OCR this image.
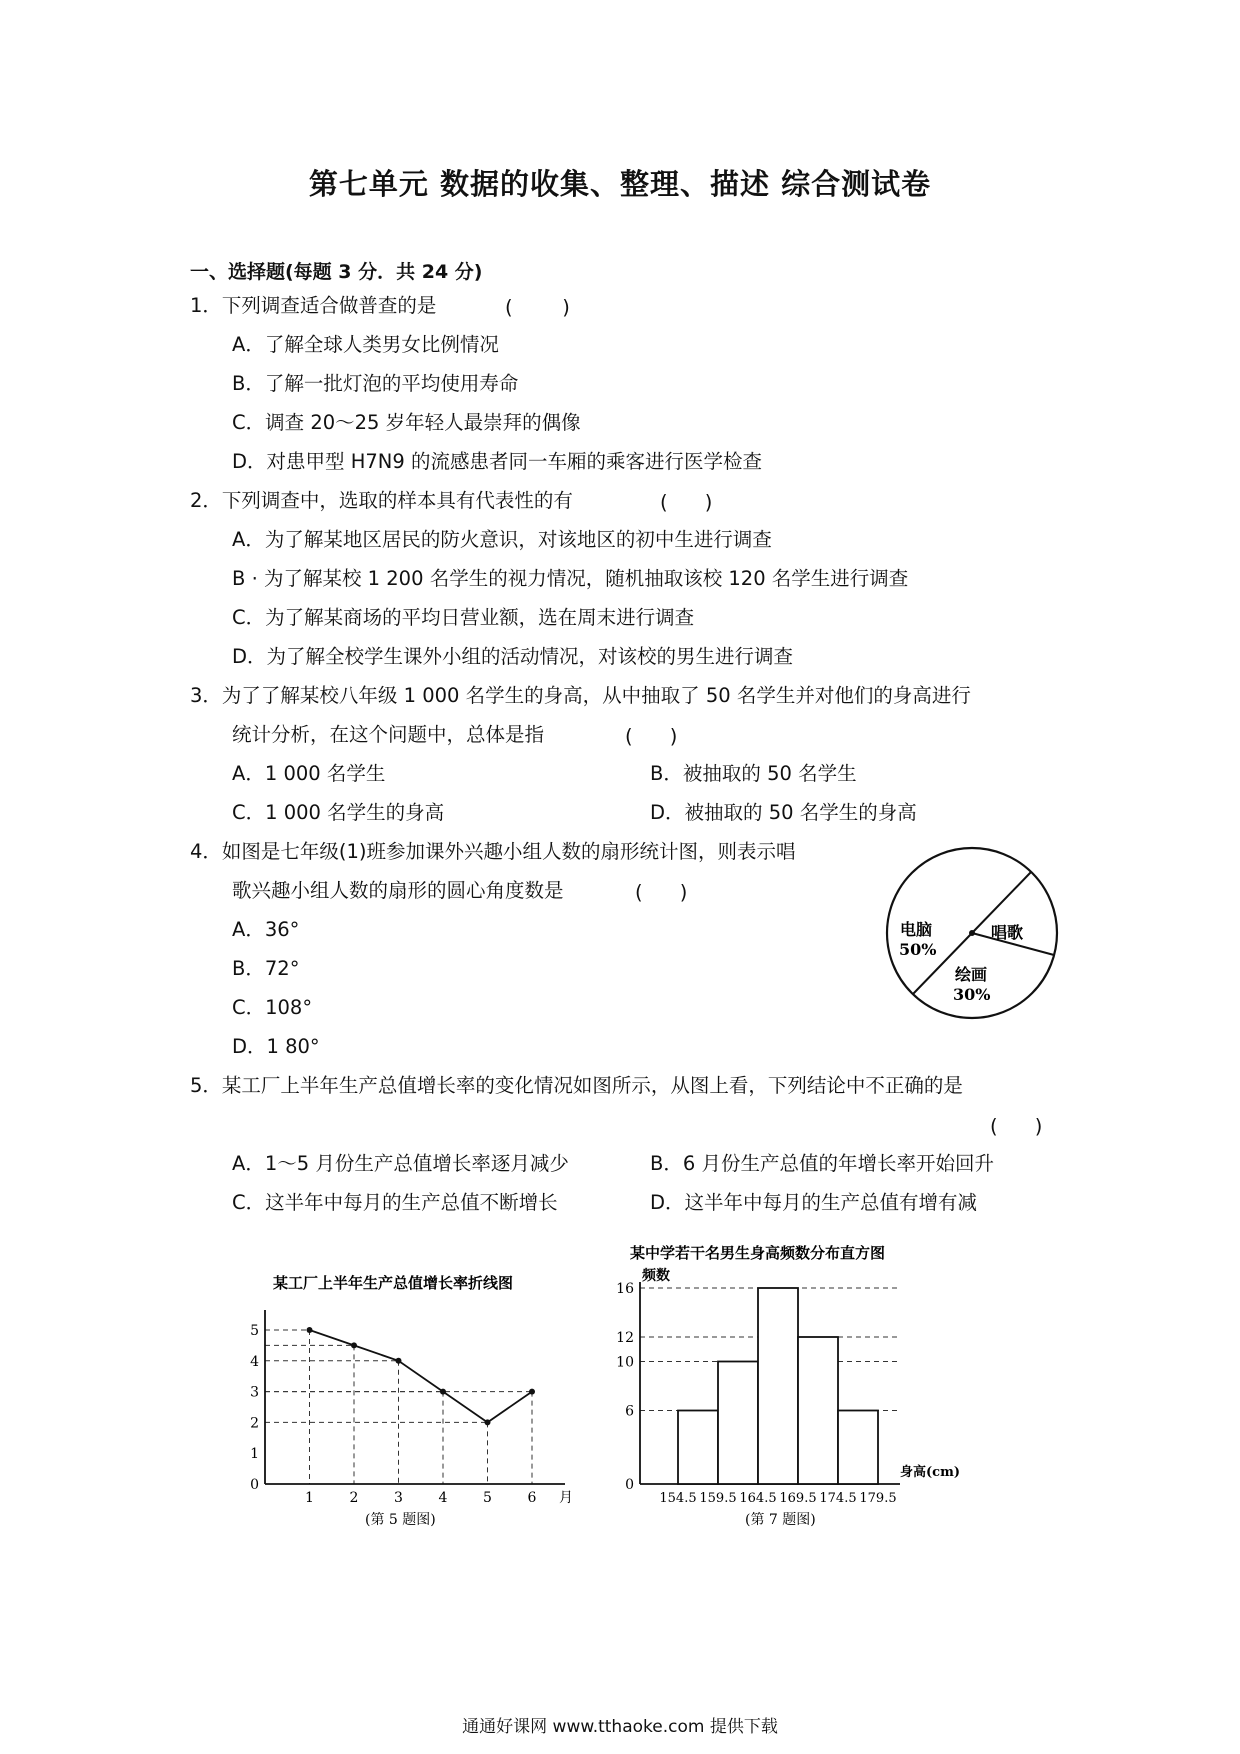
第七单元 数据的收集、整理、描述 综合测试卷
一、选择题(每题 3 分．共 24 分)
1．下列调查适合做普查的是	(        )
A．了解全球人类男女比例情况
B．了解一批灯泡的平均使用寿命
C．调查 20～25 岁年轻人最崇拜的偶像
D．对患甲型 H7N9 的流感患者同一车厢的乘客进行医学检查
2．下列调查中，选取的样本具有代表性的有	(      )
A．为了解某地区居民的防火意识，对该地区的初中生进行调查
B · 为了解某校 1 200 名学生的视力情况，随机抽取该校 120 名学生进行调查
C．为了解某商场的平均日营业额，选在周末进行调查
D．为了解全校学生课外小组的活动情况，对该校的男生进行调查
3．为了了解某校八年级 1 000 名学生的身高，从中抽取了 50 名学生并对他们的身高进行
统计分析，在这个问题中，总体是指	(      )
A．1 000 名学生	B．被抽取的 50 名学生
C．1 000 名学生的身高	D．被抽取的 50 名学生的身高
4．如图是七年级(1)班参加课外兴趣小组人数的扇形统计图，则表示唱
歌兴趣小组人数的扇形的圆心角度数是	(      )
A．36°
B．72°
C．108°
D．1 80°
电脑
50%
唱歌
绘画
30%
5．某工厂上半年生产总值增长率的变化情况如图所示，从图上看，下列结论中不正确的是
(      )
A．1～5 月份生产总值增长率逐月减少	B．6 月份生产总值的年增长率开始回升
C．这半年中每月的生产总值不断增长	D．这半年中每月的生产总值有增有减
某工厂上半年生产总值增长率折线图
1	2	3	4	5	6
0
1
2
3
4
5
月
(第 5 题图)
某中学若干名男生身高频数分布直方图
频数
0
6
10
12
16
154.5 159.5 164.5 169.5 174.5 179.5
身高(cm)
(第 7 题图)
通通好课网 www.tthaoke.com 提供下载
